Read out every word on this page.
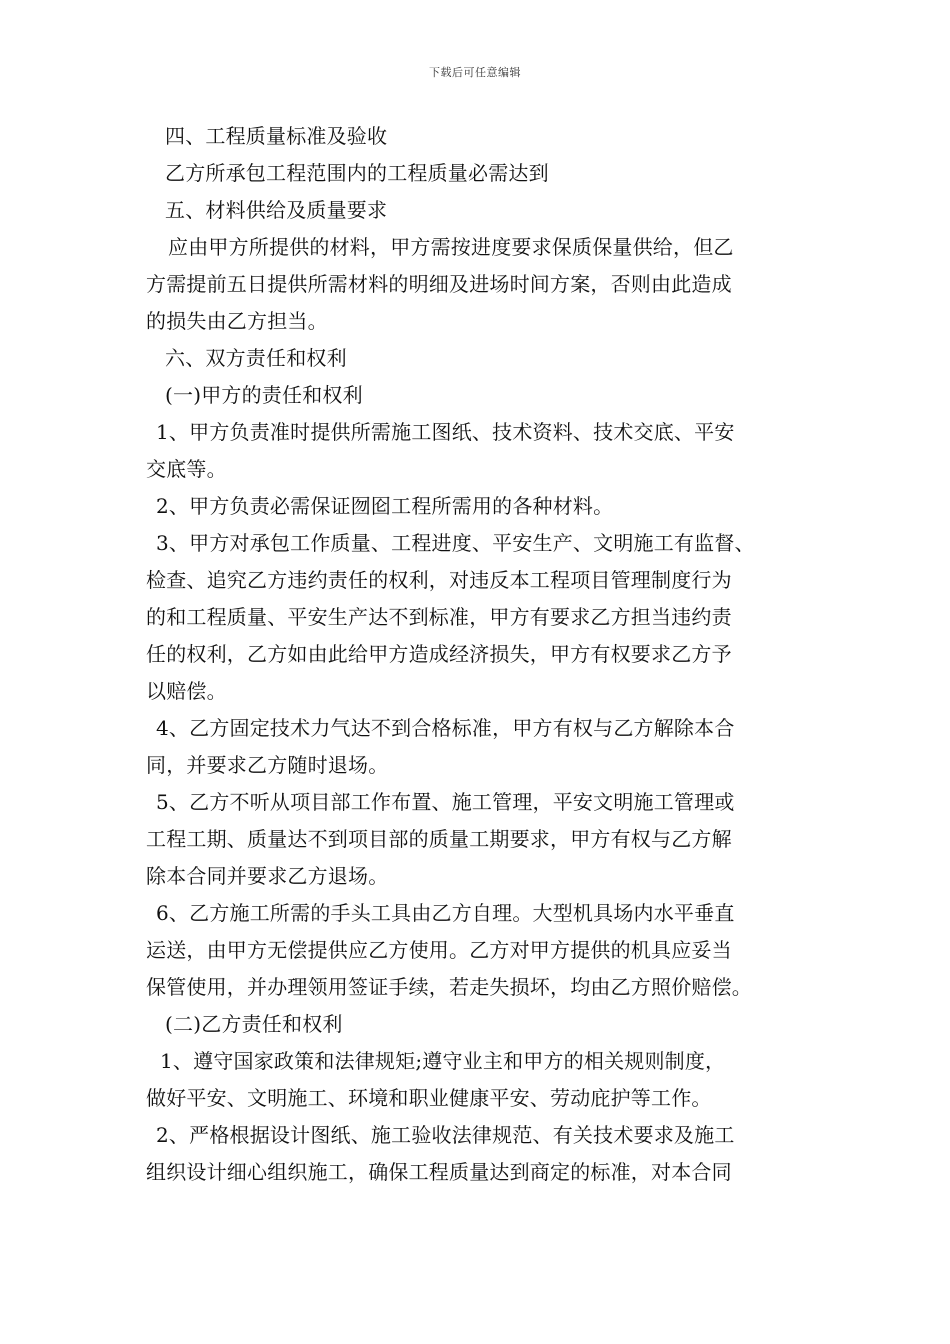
下载后可任意编辑
四、工程质量标准及验收
乙方所承包工程范围内的工程质量必需达到
五、材料供给及质量要求
应由甲方所提供的材料，甲方需按进度要求保质保量供给，但乙
方需提前五日提供所需材料的明细及进场时间方案，否则由此造成
的损失由乙方担当。
六、双方责任和权利
(一)甲方的责任和权利
1、甲方负责准时提供所需施工图纸、技术资料、技术交底、平安
交底等。
2、甲方负责必需保证囫囵工程所需用的各种材料。
3、甲方对承包工作质量、工程进度、平安生产、文明施工有监督、
检查、追究乙方违约责任的权利，对违反本工程项目管理制度行为
的和工程质量、平安生产达不到标准，甲方有要求乙方担当违约责
任的权利，乙方如由此给甲方造成经济损失，甲方有权要求乙方予
以赔偿。
4、乙方固定技术力气达不到合格标准，甲方有权与乙方解除本合
同，并要求乙方随时退场。
5、乙方不听从项目部工作布置、施工管理，平安文明施工管理或
工程工期、质量达不到项目部的质量工期要求，甲方有权与乙方解
除本合同并要求乙方退场。
6、乙方施工所需的手头工具由乙方自理。大型机具场内水平垂直
运送，由甲方无偿提供应乙方使用。乙方对甲方提供的机具应妥当
保管使用，并办理领用签证手续，若走失损坏，均由乙方照价赔偿。
(二)乙方责任和权利
1、遵守国家政策和法律规矩;遵守业主和甲方的相关规则制度，
做好平安、文明施工、环境和职业健康平安、劳动庇护等工作。
2、严格根据设计图纸、施工验收法律规范、有关技术要求及施工
组织设计细心组织施工，确保工程质量达到商定的标准，对本合同
